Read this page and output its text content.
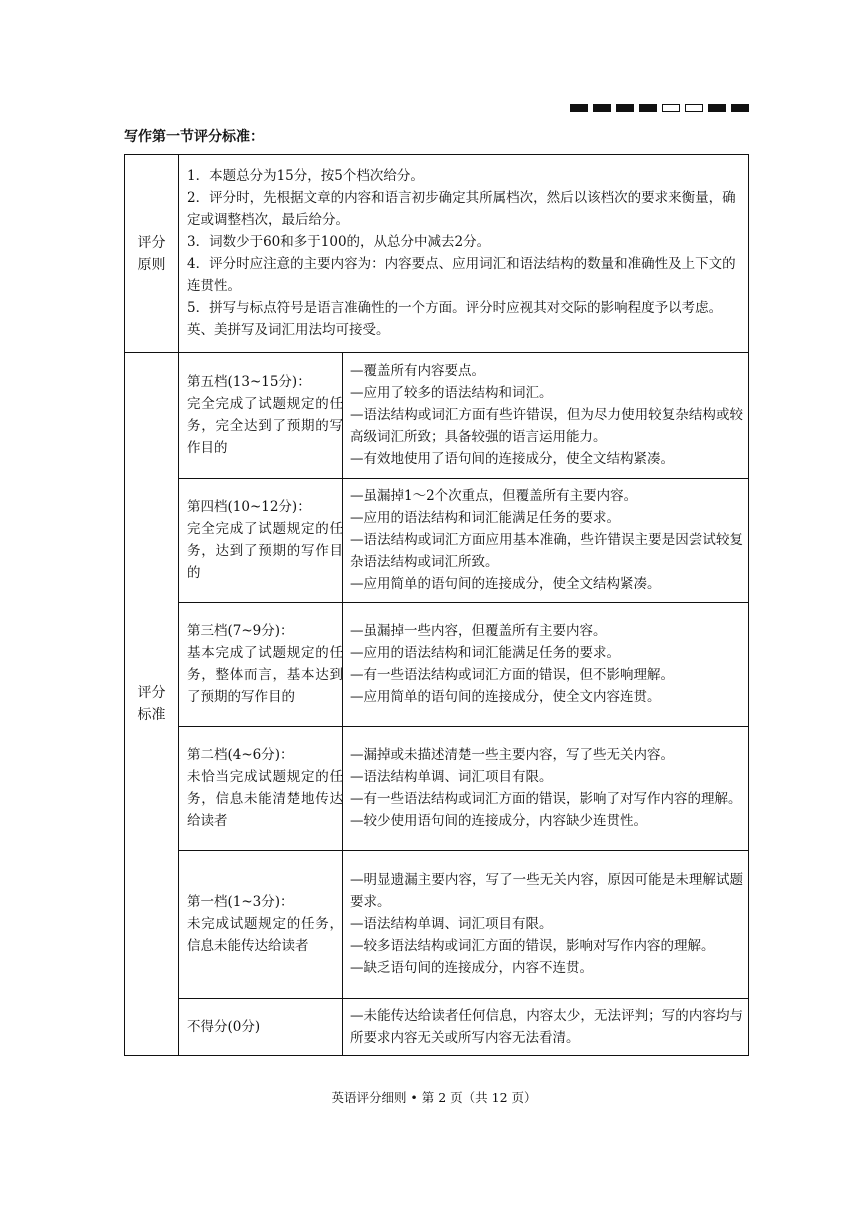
写作第一节评分标准：
评分原则

1．本题总分为15分，按5个档次给分。

2．评分时，先根据文章的内容和语言初步确定其所属档次，然后以该档次的要求来衡量，确定或调整档次，最后给分。

3．词数少于60和多于100的，从总分中减去2分。

4．评分时应注意的主要内容为：内容要点、应用词汇和语法结构的数量和准确性及上下文的连贯性。

5．拼写与标点符号是语言准确性的一个方面。评分时应视其对交际的影响程度予以考虑。英、美拼写及词汇用法均可接受。

评分标准

第五档(13~15分)：

完全完成了试题规定的任务，完全达到了预期的写作目的

—覆盖所有内容要点。

—应用了较多的语法结构和词汇。

—语法结构或词汇方面有些许错误，但为尽力使用较复杂结构或较高级词汇所致；具备较强的语言运用能力。

—有效地使用了语句间的连接成分，使全文结构紧凑。

第四档(10~12分)：

完全完成了试题规定的任务，达到了预期的写作目的

—虽漏掉1～2个次重点，但覆盖所有主要内容。

—应用的语法结构和词汇能满足任务的要求。

—语法结构或词汇方面应用基本准确，些许错误主要是因尝试较复杂语法结构或词汇所致。

—应用简单的语句间的连接成分，使全文结构紧凑。

第三档(7~9分)：

基本完成了试题规定的任务，整体而言，基本达到了预期的写作目的

—虽漏掉一些内容，但覆盖所有主要内容。

—应用的语法结构和词汇能满足任务的要求。

—有一些语法结构或词汇方面的错误，但不影响理解。

—应用简单的语句间的连接成分，使全文内容连贯。

第二档(4~6分)：

未恰当完成试题规定的任务，信息未能清楚地传达给读者

—漏掉或未描述清楚一些主要内容，写了些无关内容。

—语法结构单调、词汇项目有限。

—有一些语法结构或词汇方面的错误，影响了对写作内容的理解。

—较少使用语句间的连接成分，内容缺少连贯性。

第一档(1~3分)：

未完成试题规定的任务，信息未能传达给读者

—明显遗漏主要内容，写了一些无关内容，原因可能是未理解试题要求。

—语法结构单调、词汇项目有限。

—较多语法结构或词汇方面的错误，影响对写作内容的理解。

—缺乏语句间的连接成分，内容不连贯。

不得分(0分)

—未能传达给读者任何信息，内容太少，无法评判；写的内容均与所要求内容无关或所写内容无法看清。

英语评分细则 • 第 2 页（共 12 页）
